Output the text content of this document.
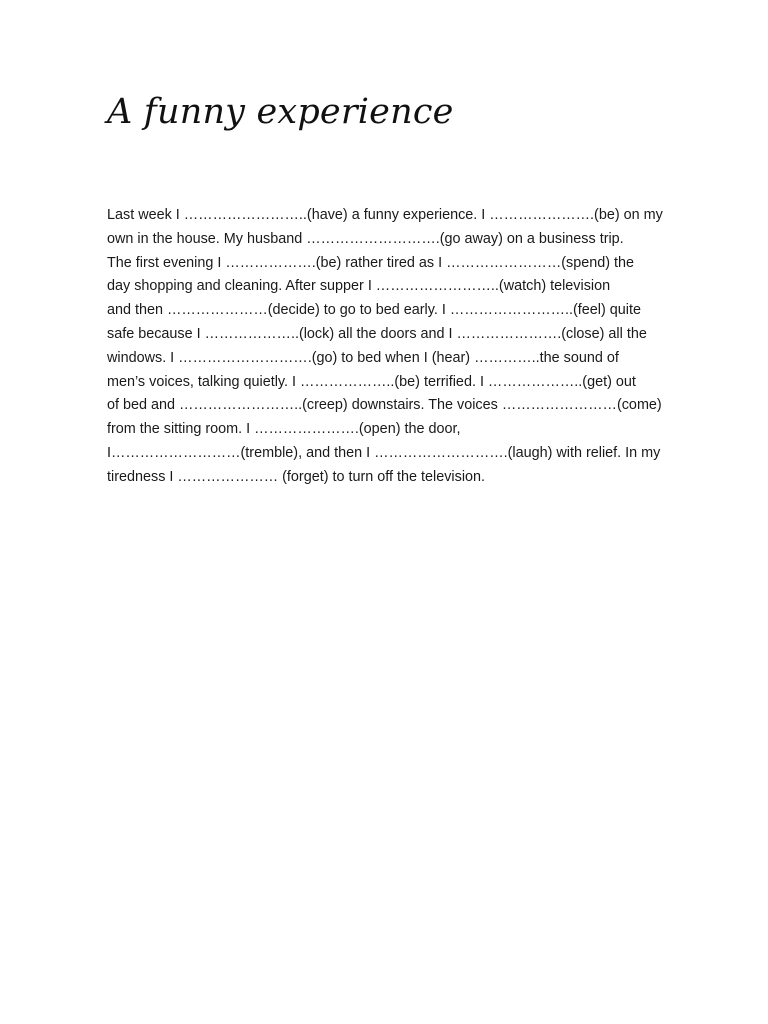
A funny experience
Last week I ……………………..(have) a funny experience. I ………………….(be) on my
own in the house. My husband ……………………….(go away) on a business trip.
The first evening I ……………….(be) rather tired as I ……………………(spend) the
day shopping and cleaning. After supper I ……………………..(watch) television
and then …………………(decide) to go to bed early. I ……………………..(feel) quite
safe because I ………………..(lock) all the doors and I ………………….(close) all the
windows. I ……………………….(go) to bed when I (hear) …………..the sound of
men’s voices, talking quietly. I ………………..(be) terrified. I ………………..(get) out
of bed and ……………………..(creep) downstairs. The voices ……………………(come)
from the sitting room. I ………………….(open) the door,
I………………………(tremble), and then I ……………………….(laugh) with relief. In my
tiredness I ………………… (forget) to turn off the television.
